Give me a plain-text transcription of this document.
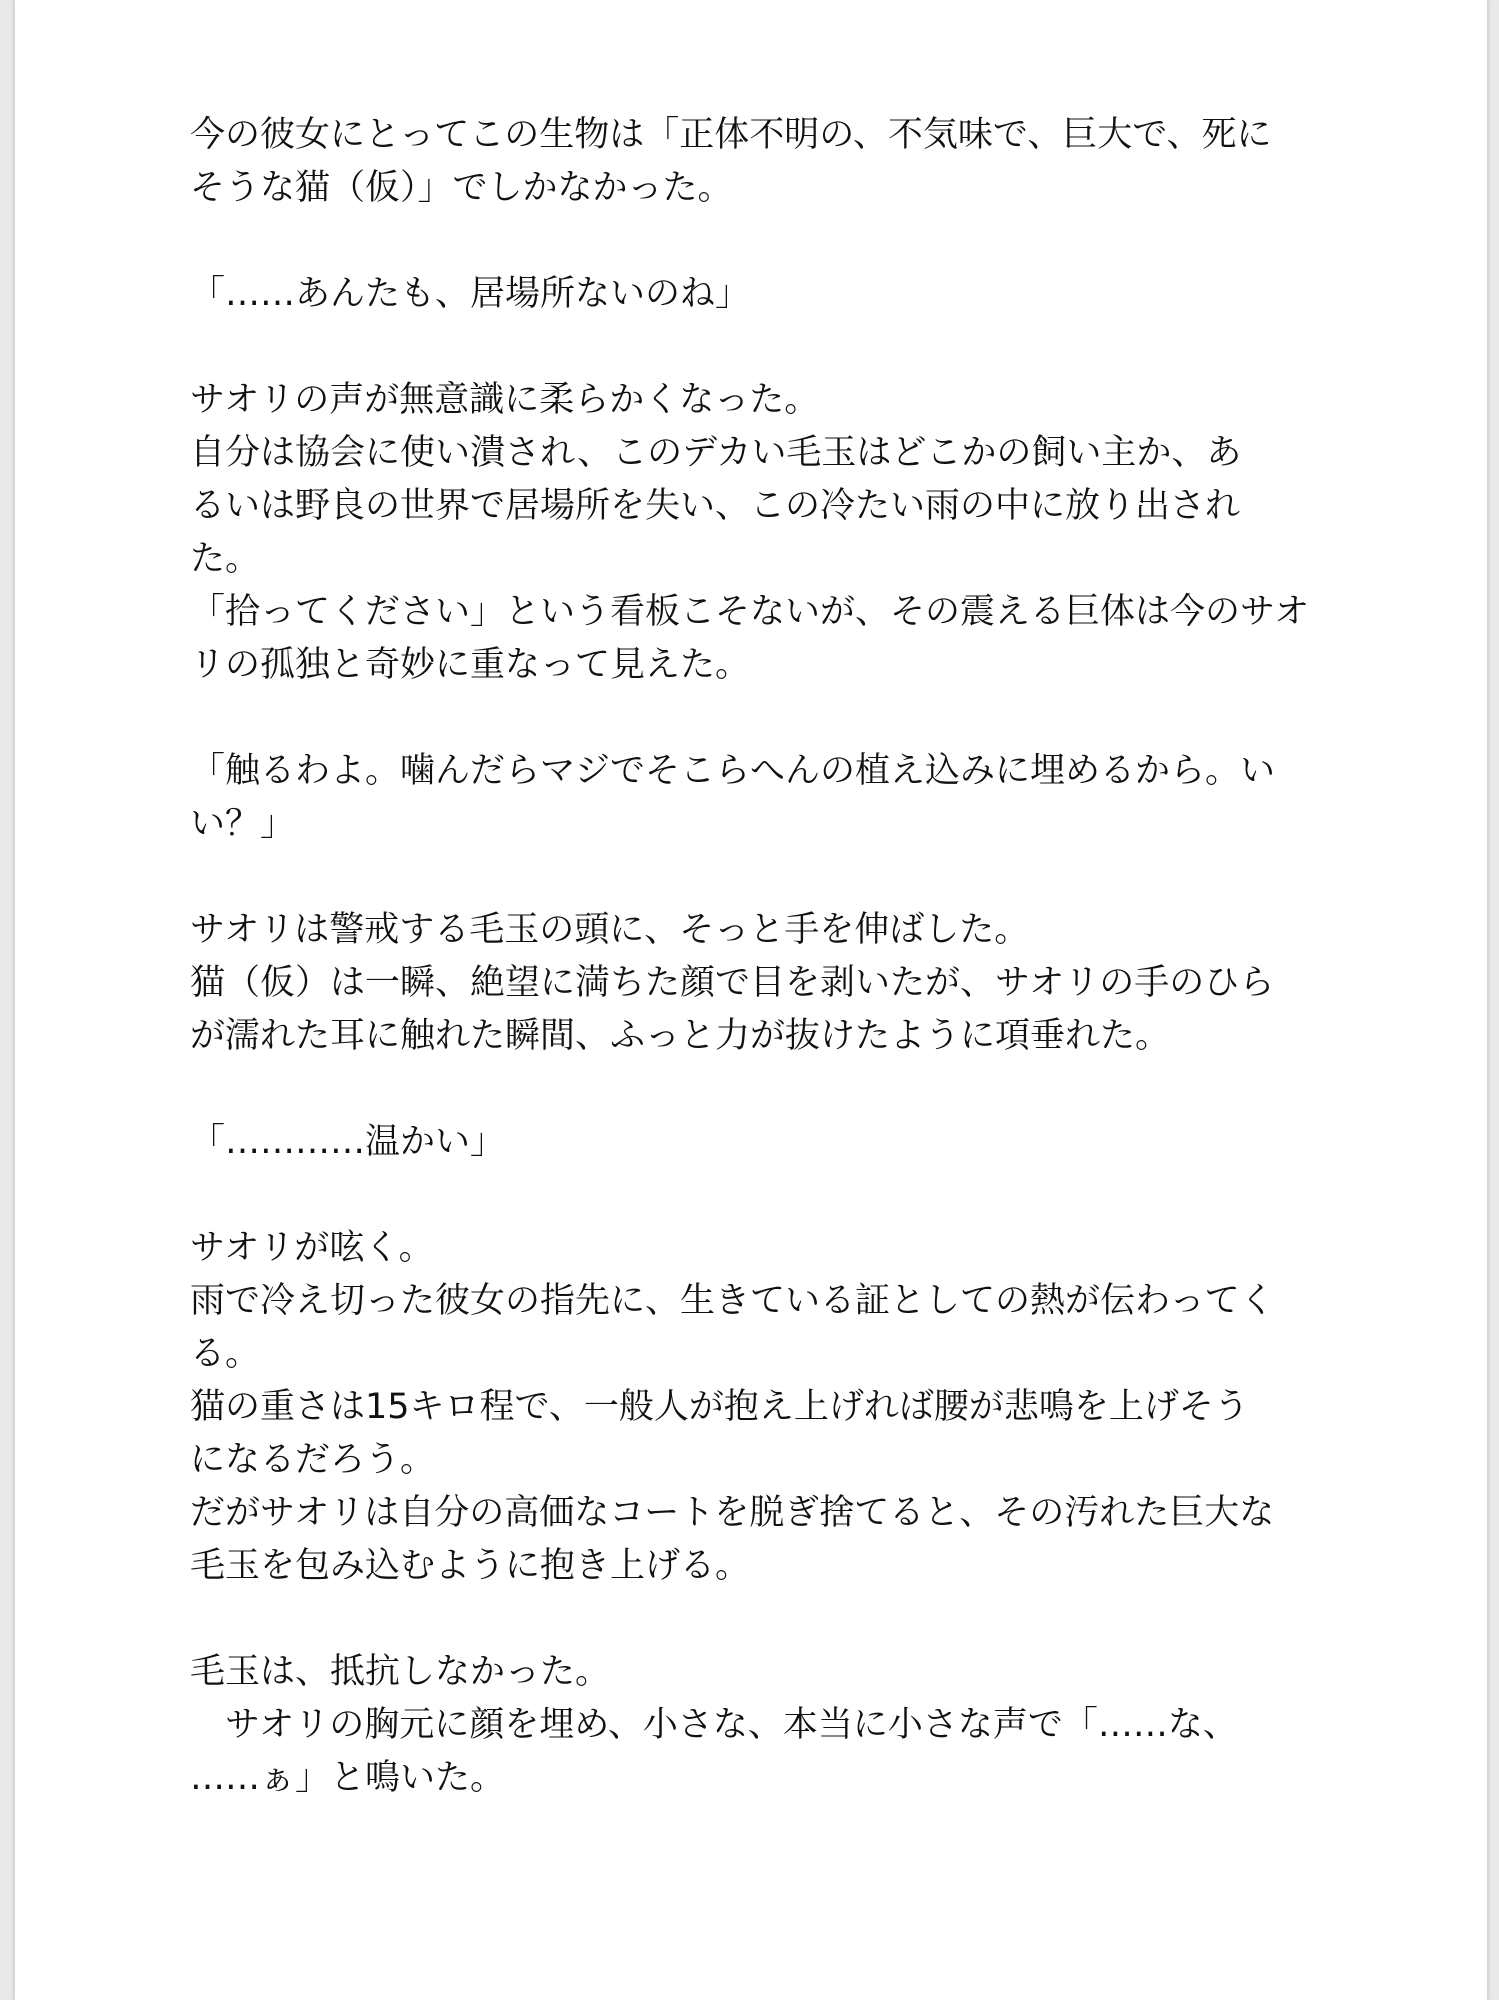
今の彼女にとってこの生物は「正体不明の、不気味で、巨大で、死に
そうな猫（仮）」でしかなかった。
「……あんたも、居場所ないのね」
サオリの声が無意識に柔らかくなった。
自分は協会に使い潰され、このデカい毛玉はどこかの飼い主か、あ
るいは野良の世界で居場所を失い、この冷たい雨の中に放り出され
た。
「拾ってください」という看板こそないが、その震える巨体は今のサオ
リの孤独と奇妙に重なって見えた。
「触るわよ。噛んだらマジでそこらへんの植え込みに埋めるから。い
い？」
サオリは警戒する毛玉の頭に、そっと手を伸ばした。
猫（仮）は一瞬、絶望に満ちた顔で目を剥いたが、サオリの手のひら
が濡れた耳に触れた瞬間、ふっと力が抜けたように項垂れた。
「…………温かい」
サオリが呟く。
雨で冷え切った彼女の指先に、生きている証としての熱が伝わってく
る。
猫の重さは15キロ程で、一般人が抱え上げれば腰が悲鳴を上げそう
になるだろう。
だがサオリは自分の高価なコートを脱ぎ捨てると、その汚れた巨大な
毛玉を包み込むように抱き上げる。
毛玉は、抵抗しなかった。
　サオリの胸元に顔を埋め、小さな、本当に小さな声で「……な、
……ぁ」と鳴いた。
